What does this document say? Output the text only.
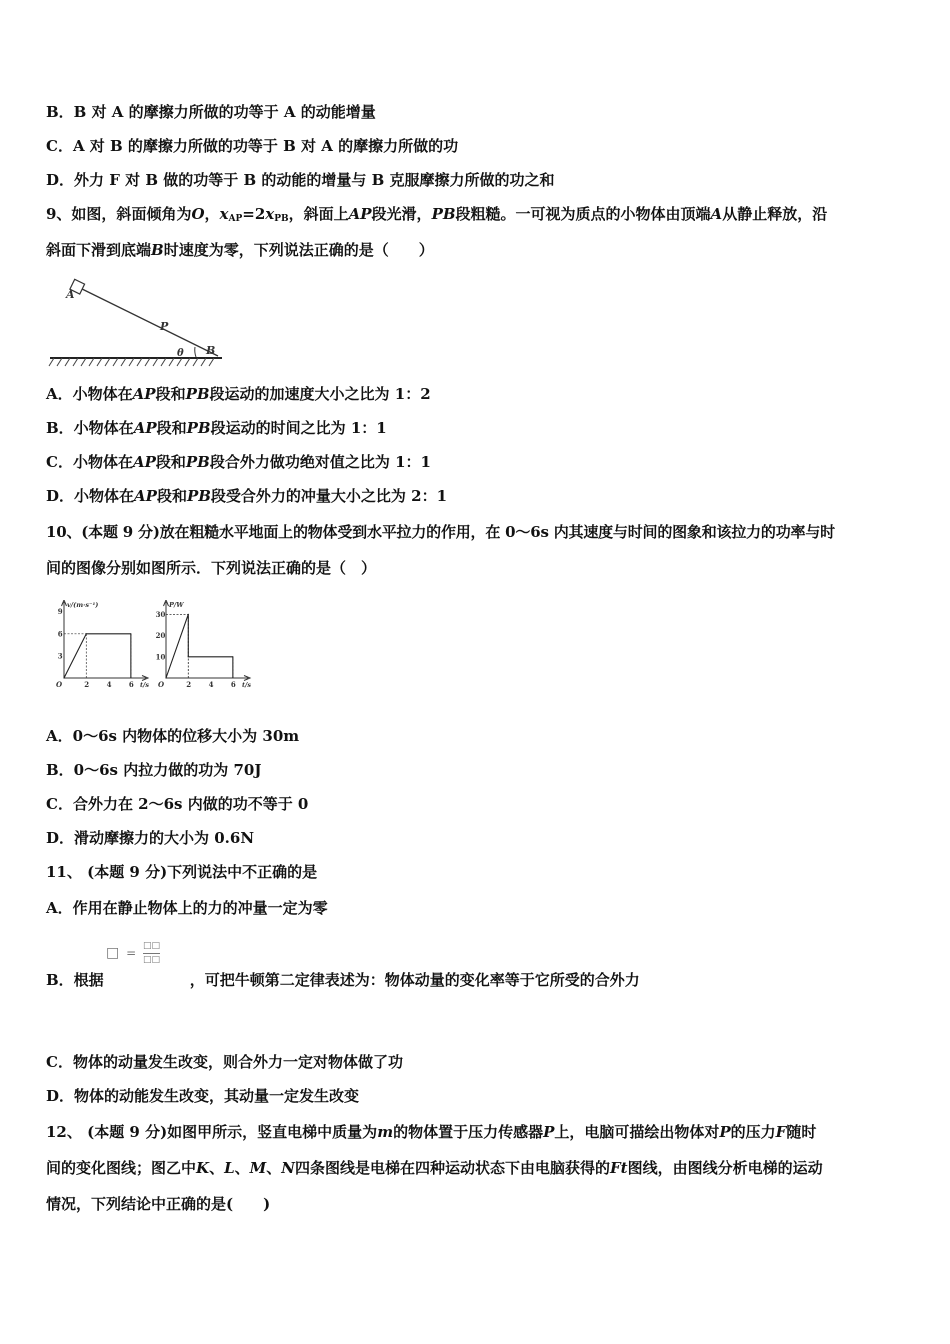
B．B 对 A 的摩擦力所做的功等于 A 的动能增量
C．A 对 B 的摩擦力所做的功等于 B 对 A 的摩擦力所做的功
D．外力 F 对 B 做的功等于 B 的动能的增量与 B 克服摩擦力所做的功之和
9、如图，斜面倾角为O，$x_{AP}=2x_{PB}$，斜面上AP段光滑，PB段粗糙。一可视为质点的小物体由顶端A从静止释放，沿
斜面下滑到底端B时速度为零，下列说法正确的是（　　）
A
P
θ B
A．小物体在AP段和PB段运动的加速度大小之比为 1：2
B．小物体在AP段和PB段运动的时间之比为 1：1
C．小物体在AP段和PB段合外力做功绝对值之比为 1：1
D．小物体在AP段和PB段受合外力的冲量大小之比为 2：1
10、(本题 9 分)放在粗糙水平地面上的物体受到水平拉力的作用，在 0～6s 内其速度与时间的图象和该拉力的功率与时
间的图像分别如图所示．下列说法正确的是（　）
v/(m·s⁻¹)
t/s
O	2 4 6
3
6
9
P/W
t/s
O	2 4 6
10
20
30
A．0～6s 内物体的位移大小为 30m
B．0～6s 内拉力做的功为 70J
C．合外力在 2～6s 内做的功不等于 0
D．滑动摩擦力的大小为 0.6N
11、 (本题 9 分)下列说法中不正确的是
A．作用在静止物体上的力的冲量一定为零
□ = □□
□□
B．根据	，可把牛顿第二定律表述为：物体动量的变化率等于它所受的合外力
C．物体的动量发生改变，则合外力一定对物体做了功
D．物体的动能发生改变，其动量一定发生改变
12、 (本题 9 分)如图甲所示，竖直电梯中质量为m的物体置于压力传感器P上，电脑可描绘出物体对P的压力F随时
间的变化图线；图乙中K、L、M、N四条图线是电梯在四种运动状态下由电脑获得的Ft图线，由图线分析电梯的运动
情况，下列结论中正确的是(　　)
